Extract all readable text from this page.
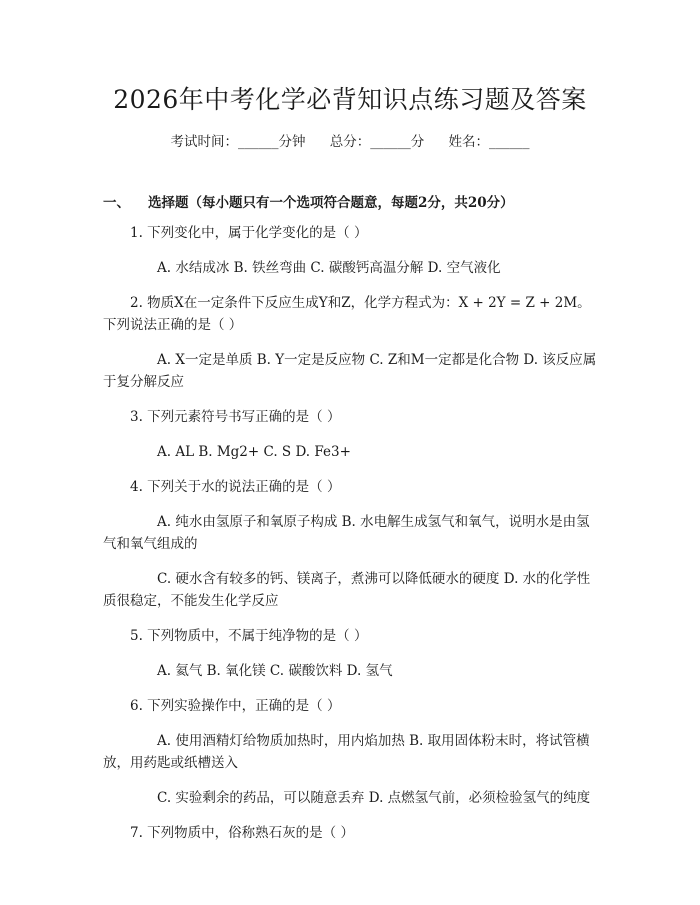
2026年中考化学必背知识点练习题及答案
考试时间：______分钟 总分：______分 姓名：______
一、 选择题（每小题只有一个选项符合题意，每题2分，共20分）

1. 下列变化中，属于化学变化的是（ ）

A. 水结成冰 B. 铁丝弯曲 C. 碳酸钙高温分解 D. 空气液化

2. 物质X在一定条件下反应生成Y和Z，化学方程式为：X + 2Y = Z + 2M。下列说法正确的是（ ）

A. X一定是单质 B. Y一定是反应物 C. Z和M一定都是化合物 D. 该反应属于复分解反应

3. 下列元素符号书写正确的是（ ）

A. AL B. Mg2+ C. S D. Fe3+

4. 下列关于水的说法正确的是（ ）

A. 纯水由氢原子和氧原子构成 B. 水电解生成氢气和氧气，说明水是由氢气和氧气组成的

C. 硬水含有较多的钙、镁离子，煮沸可以降低硬水的硬度 D. 水的化学性质很稳定，不能发生化学反应

5. 下列物质中，不属于纯净物的是（ ）

A. 氦气 B. 氧化镁 C. 碳酸饮料 D. 氢气

6. 下列实验操作中，正确的是（ ）

A. 使用酒精灯给物质加热时，用内焰加热 B. 取用固体粉末时，将试管横放，用药匙或纸槽送入

C. 实验剩余的药品，可以随意丢弃 D. 点燃氢气前，必须检验氢气的纯度

7. 下列物质中，俗称熟石灰的是（ ）
